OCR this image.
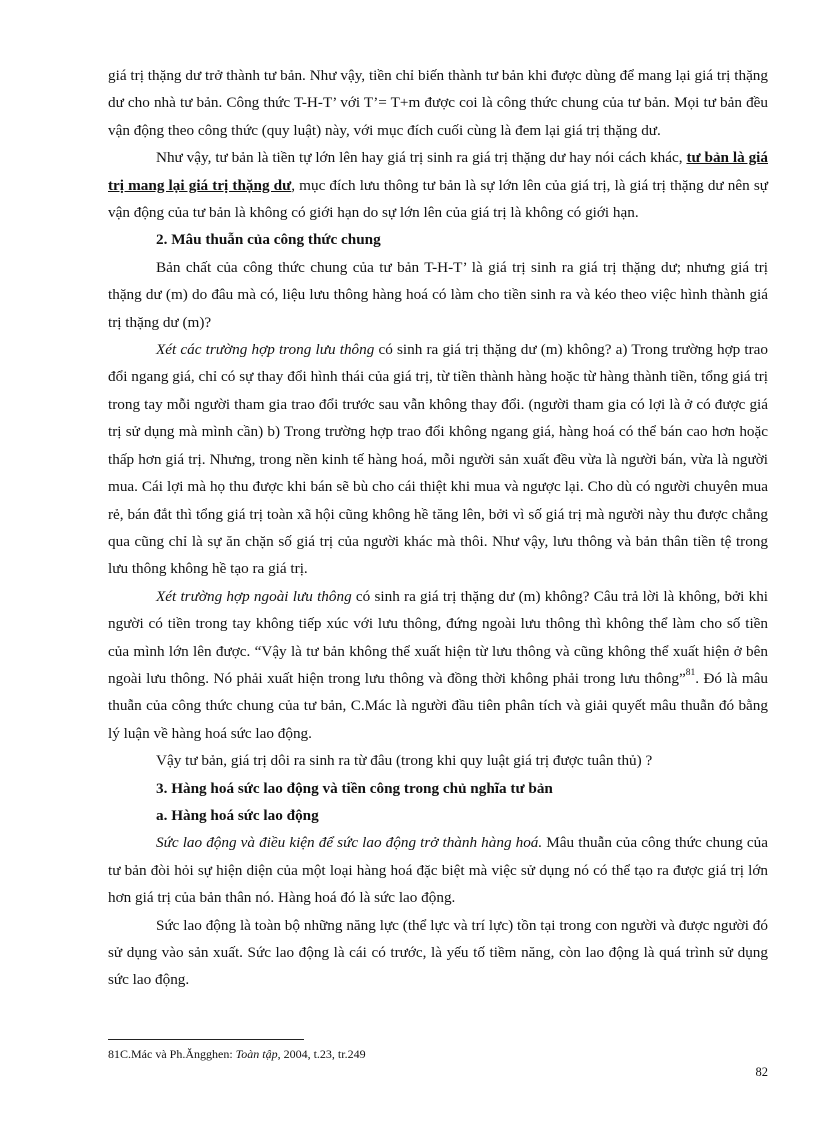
giá trị thặng dư trở thành tư bản. Như vậy, tiền chỉ biến thành tư bản khi được dùng để mang lại giá trị thặng dư cho nhà tư bản. Công thức T-H-T’ với T’= T+m được coi là công thức chung của tư bản. Mọi tư bản đều vận động theo công thức (quy luật) này, với mục đích cuối cùng là đem lại giá trị thặng dư.

Như vậy, tư bản là tiền tự lớn lên hay giá trị sinh ra giá trị thặng dư hay nói cách khác, tư bản là giá trị mang lại giá trị thặng dư, mục đích lưu thông tư bản là sự lớn lên của giá trị, là giá trị thặng dư nên sự vận động của tư bản là không có giới hạn do sự lớn lên của giá trị là không có giới hạn.

2. Mâu thuẫn của công thức chung

Bản chất của công thức chung của tư bản T-H-T’ là giá trị sinh ra giá trị thặng dư; nhưng giá trị thặng dư (m) do đâu mà có, liệu lưu thông hàng hoá có làm cho tiền sinh ra và kéo theo việc hình thành giá trị thặng dư (m)?

Xét các trường hợp trong lưu thông có sinh ra giá trị thặng dư (m) không? a) Trong trường hợp trao đổi ngang giá, chỉ có sự thay đổi hình thái của giá trị, từ tiền thành hàng hoặc từ hàng thành tiền, tổng giá trị trong tay mỗi người tham gia trao đổi trước sau vẫn không thay đổi. (người tham gia có lợi là ở có được giá trị sử dụng mà mình cần) b) Trong trường hợp trao đổi không ngang giá, hàng hoá có thể bán cao hơn hoặc thấp hơn giá trị. Nhưng, trong nền kinh tế hàng hoá, mỗi người sản xuất đều vừa là người bán, vừa là người mua. Cái lợi mà họ thu được khi bán sẽ bù cho cái thiệt khi mua và ngược lại. Cho dù có người chuyên mua rẻ, bán đắt thì tổng giá trị toàn xã hội cũng không hề tăng lên, bởi vì số giá trị mà người này thu được chẳng qua cũng chỉ là sự ăn chặn số giá trị của người khác mà thôi. Như vậy, lưu thông và bản thân tiền tệ trong lưu thông không hề tạo ra giá trị.

Xét trường hợp ngoài lưu thông có sinh ra giá trị thặng dư (m) không? Câu trả lời là không, bởi khi người có tiền trong tay không tiếp xúc với lưu thông, đứng ngoài lưu thông thì không thể làm cho số tiền của mình lớn lên được. “Vậy là tư bản không thể xuất hiện từ lưu thông và cũng không thể xuất hiện ở bên ngoài lưu thông. Nó phải xuất hiện trong lưu thông và đồng thời không phải trong lưu thông”$^{81}$. Đó là mâu thuẫn của công thức chung của tư bản, C.Mác là người đầu tiên phân tích và giải quyết mâu thuẫn đó bằng lý luận về hàng hoá sức lao động.

Vậy tư bản, giá trị dôi ra sinh ra từ đâu (trong khi quy luật giá trị được tuân thủ) ?

3. Hàng hoá sức lao động và tiền công trong chủ nghĩa tư bản
a. Hàng hoá sức lao động

Sức lao động và điều kiện để sức lao động trở thành hàng hoá. Mâu thuẫn của công thức chung của tư bản đòi hỏi sự hiện diện của một loại hàng hoá đặc biệt mà việc sử dụng nó có thể tạo ra được giá trị lớn hơn giá trị của bản thân nó. Hàng hoá đó là sức lao động.

Sức lao động là toàn bộ những năng lực (thể lực và trí lực) tồn tại trong con người và được người đó sử dụng vào sản xuất. Sức lao động là cái có trước, là yếu tố tiềm năng, còn lao động là quá trình sử dụng sức lao động.

81C.Mác và Ph.Ăngghen: Toàn tập, 2004, t.23, tr.249
82
